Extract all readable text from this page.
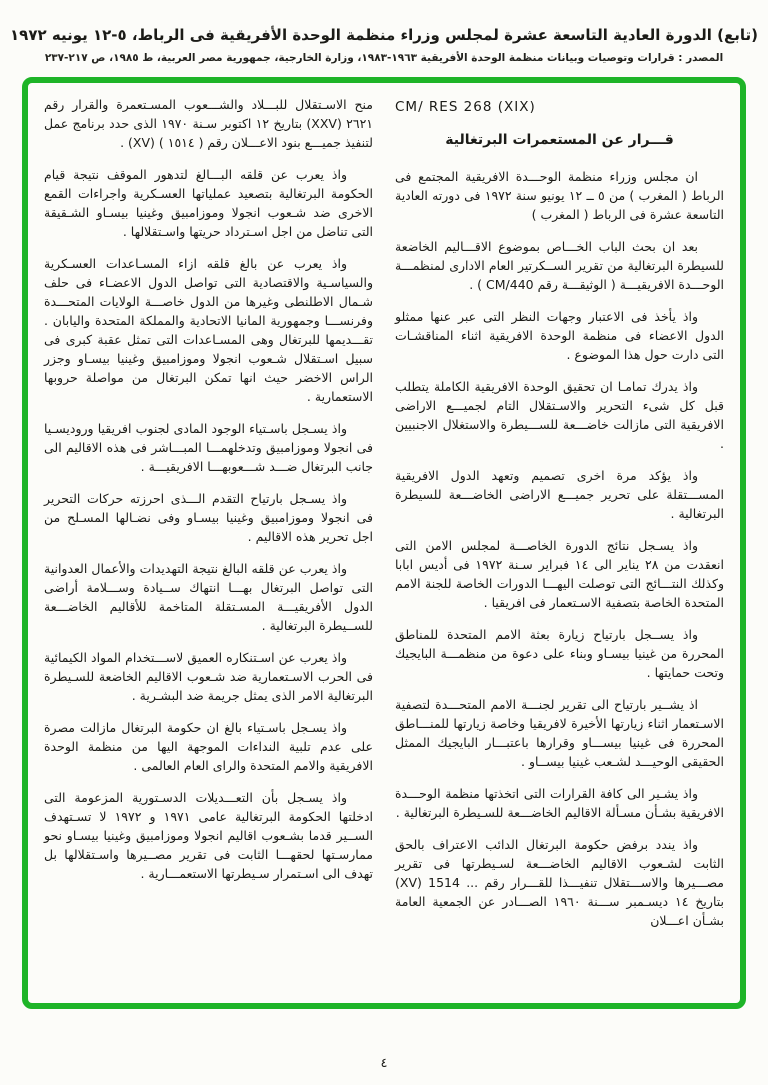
(تابع) الدورة العادية التاسعة عشرة لمجلس وزراء منظمة الوحدة الأفريقية فى الرباط، ٥-١٢ يونيه ١٩٧٢
المصدر : قرارات وتوصيات وبيانات منظمة الوحدة الأفريقية ١٩٦٣-١٩٨٣، وزارة الخارجية، جمهورية مصر العربية، ط ١٩٨٥، ص ٢١٧-٢٣٧
CM/ RES 268 (XIX)
قـــرار عن المستعمرات البرتغالية

ان مجلس وزراء منظمة الوحـــدة الافريقية المجتمع فى الرباط ( المغرب ) من ٥ ــ ١٢ يونيو سنة ١٩٧٢ فى دورته العادية التاسعة عشرة فى الرباط ( المغرب )

بعد ان بحث الباب الخـــاص بموضوع الاقـــاليم الخاضعة للسيطرة البرتغالية من تقرير الســكرتير العام الادارى لمنظمـــة الوحـــدة الافريقيـــة ( الوثيقـــة رقم CM/440 ) .

واذ يأخذ فى الاعتبار وجهات النظر التى عبر عنها ممثلو الدول الاعضاء فى منظمة الوحدة الافريقية اثناء المناقشـات التى دارت حول هذا الموضوع .

واذ يدرك تمامـا ان تحقيق الوحدة الافريقية الكاملة يتطلب قبل كل شىء التحرير والاسـتقلال التام لجميـــع الاراضى الافريقية التى مازالت خاضـــعة للســـيطرة والاستغلال الاجنبيين .

واذ يؤكد مرة اخرى تصميم وتعهد الدول الافريقية المســـتقلة على تحرير جميـــع الاراضى الخاضـــعة للسيطرة البرتغالية .

واذ يسـجل نتائج الدورة الخاصـــة لمجلس الامن التى انعقدت من ٢٨ يناير الى ١٤ فبراير سـنة ١٩٧٢ فى أديس ابابا وكذلك النتـــائج التى توصلت اليهـــا الدورات الخاصة للجنة الامم المتحدة الخاصة بتصفية الاسـتعمار فى افريقيا .

واذ يســجل بارتياح زيارة بعثة الامم المتحدة للمناطق المحررة من غينيا بيسـاو وبناء على دعوة من منظمـــة البايجيك وتحت حمايتها .

اذ يشــير بارتياح الى تقرير لجنـــة الامم المتحـــدة لتصفية الاسـتعمار اثناء زيارتها الأخيرة لافريقيا وخاصة زيارتها للمنـــاطق المحررة فى غينيا بيســـاو وقرارها باعتبـــار البايجيك الممثل الحقيقى الوحيـــد لشـعب غينيا بيســاو .

واذ يشـير الى كافة القرارات التى اتخذتها منظمة الوحـــدة الافريقية بشـأن مسـألة الاقاليم الخاضـــعة للسـيطرة البرتغالية .

واذ يندد برفض حكومة البرتغال الدائب الاعتراف بالحق الثابت لشـعوب الاقاليم الخاضـــعة لسـيطرتها فى تقرير مصـــيرها والاســـتقلال تنفيـــذا للقـــرار رقم ... ‏1514 (XV) بتاريخ ١٤ ديسـمبر ســـنة ١٩٦٠ الصـــادر عن الجمعية العامة بشـأن اعـــلان

منح الاسـتقلال للبـــلاد والشـــعوب المسـتعمرة والقرار رقم ٢٦٢١ (XXV) بتاريخ ١٢ اكتوبر سـنة ١٩٧٠ الذى حدد برنامج عمل لتنفيذ جميـــع بنود الاعـــلان رقم ( ١٥١٤ ) (XV) .

واذ يعرب عن قلقه البـــالغ لتدهور الموقف نتيجة قيام الحكومة البرتغالية بتصعيد عملياتها العسـكرية واجراءات القمع الاخرى ضد شـعوب انجولا وموزامبيق وغينيا بيسـاو الشـقيقة التى تناضل من اجل اسـترداد حريتها واسـتقلالها .

واذ يعرب عن بالغ قلقه ازاء المسـاعدات العسـكرية والسياسـية والاقتصادية التى تواصل الدول الاعضـاء فى حلف شـمال الاطلنطى وغيرها من الدول خاصـــة الولايات المتحـــدة وفرنســـا وجمهورية المانيا الاتحادية والمملكة المتحدة واليابان . تقـــديمها للبرتغال وهى المسـاعدات التى تمثل عقبة كبرى فى سبيل اسـتقلال شـعوب انجولا وموزامبيق وغينيا بيسـاو وجزر الراس الاخضر حيث انها تمكن البرتغال من مواصلة حروبها الاستعمارية .

واذ يسـجل باسـتياء الوجود المادى لجنوب افريقيا وروديسـيا فى انجولا وموزامبيق وتدخلهمـــا المبـــاشر فى هذه الاقاليم الى جانب البرتغال ضـــد شـــعوبهـــا الافريقيـــة .

واذ يسـجل بارتياح التقدم الـــذى احرزته حركات التحرير فى انجولا وموزامبيق وغينيا بيسـاو وفى نضـالها المسـلح من اجل تحرير هذه الاقاليم .

واذ يعرب عن قلقه البالغ نتيجة التهديدات والأعمال العدوانية التى تواصل البرتغال بهـــا انتهاك ســيادة وســـلامة أراضى الدول الأفريقيـــة المسـتقلة المتاخمة للأقاليم الخاضـــعة للســيطرة البرتغالية .

واذ يعرب عن اسـتنكاره العميق لاســـتخدام المواد الكيمائية فى الحرب الاسـتعمارية ضد شـعوب الاقاليم الخاضعة للسـيطرة البرتغالية الامر الذى يمثل جريمة ضد البشـرية .

واذ يسـجل باسـتياء بالغ ان حكومة البرتغال مازالت مصرة على عدم تلبية النداءات الموجهة اليها من منظمة الوحدة الافريقية والامم المتحدة والراى العام العالمى .

واذ يسـجل بأن التعـــديلات الدسـتورية المزعومة التى ادخلتها الحكومة البرتغالية عامى ١٩٧١ و ١٩٧٢ لا تسـتهدف الســير قدما بشـعوب اقاليم انجولا وموزامبيق وغينيا بيسـاو نحو ممارسـتها لحقهـــا الثابت فى تقرير مصــيرها واسـتقلالها بل تهدف الى اسـتمرار سـيطرتها الاستعمـــارية .

٤
